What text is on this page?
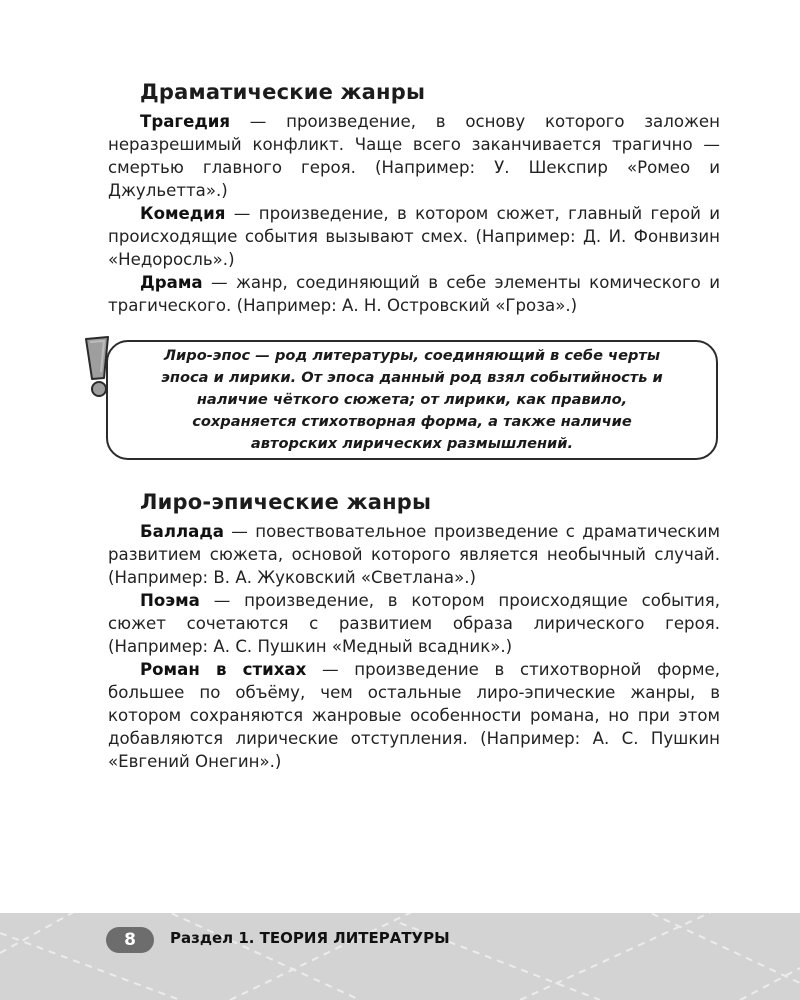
Драматические жанры

Трагедия — произведение, в основу которого заложен неразрешимый конфликт. Чаще всего заканчивается трагично — смертью главного героя. (Например: У. Шекспир «Ромео и Джульетта».)

Комедия — произведение, в котором сюжет, главный герой и происходящие события вызывают смех. (Например: Д. И. Фонвизин «Недоросль».)

Драма — жанр, соединяющий в себе элементы комического и трагического. (Например: А. Н. Островский «Гроза».)

Лиро-эпос — род литературы, соединяющий в себе черты эпоса и лирики. От эпоса данный род взял событийность и наличие чёткого сюжета; от лирики, как правило, сохраняется стихотворная форма, а также наличие авторских лирических размышлений.

Лиро-эпические жанры

Баллада — повествовательное произведение с драматическим развитием сюжета, основой которого является необычный случай. (Например: В. А. Жуковский «Светлана».)

Поэма — произведение, в котором происходящие события, сюжет сочетаются с развитием образа лирического героя. (Например: А. С. Пушкин «Медный всадник».)

Роман в стихах — произведение в стихотворной форме, большее по объёму, чем остальные лиро-эпические жанры, в котором сохраняются жанровые особенности романа, но при этом добавляются лирические отступления. (Например: А. С. Пушкин «Евгений Онегин».)

8	Раздел 1. ТЕОРИЯ ЛИТЕРАТУРЫ
